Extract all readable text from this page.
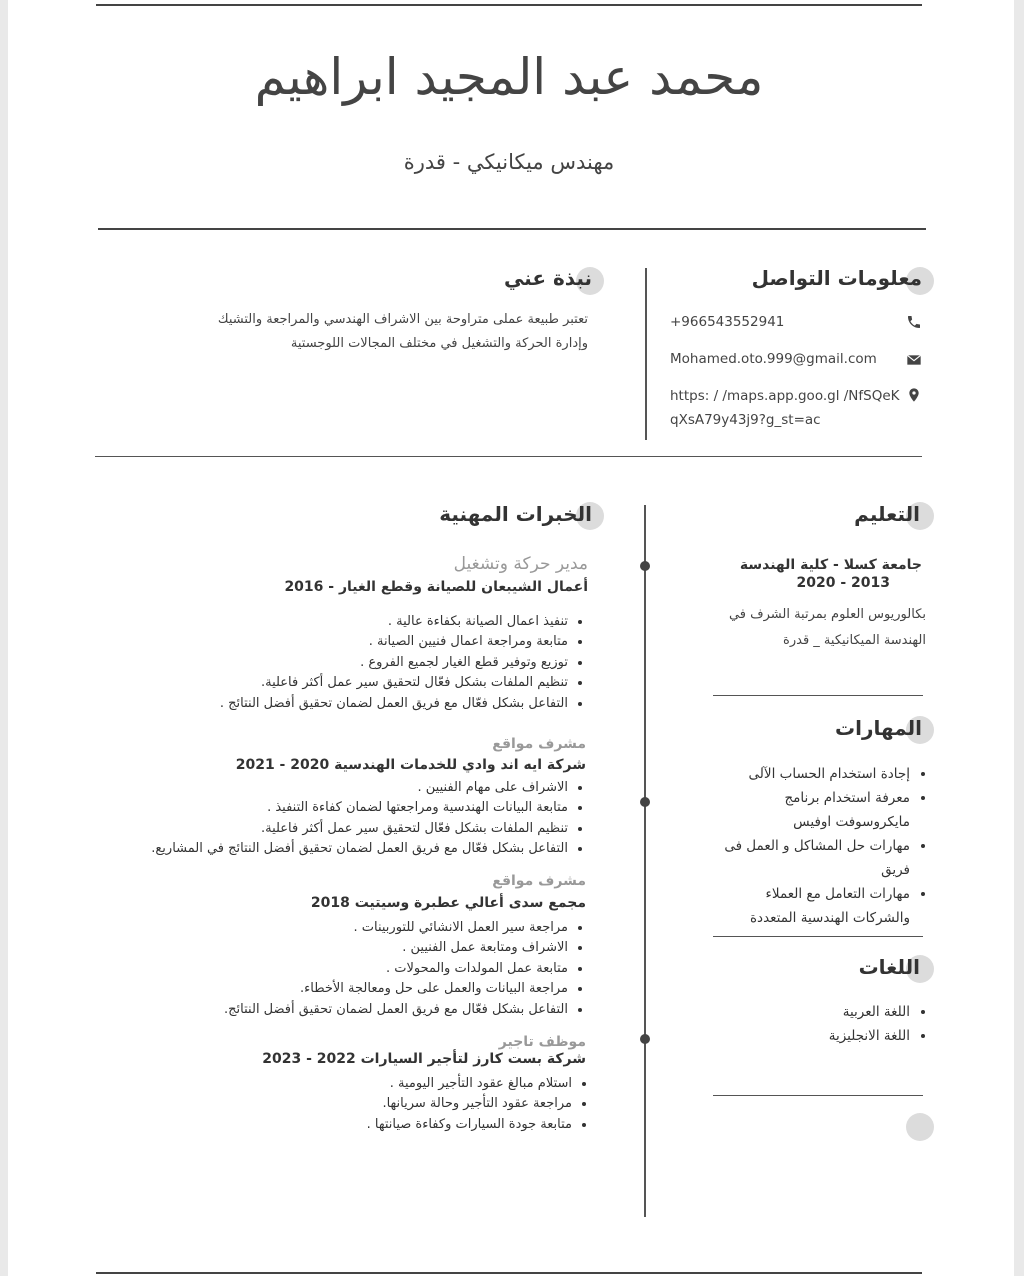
محمد عبد المجيد ابراهيم
مهندس ميكانيكي - قدرة
معلومات التواصل
+966543552941
Mohamed.oto.999@gmail.com
https: / /maps.app.goo.gl /NfSQeKqXsA79y43j9?g_st=ac
نبذة عني
تعتبر طبيعة عملى متراوحة بين الاشراف الهندسي والمراجعة والتشيك
وإدارة الحركة والتشغيل في مختلف المجالات اللوجستية
التعليم
جامعة كسلا - كلية الهندسة
2013 - 2020
بكالوريوس العلوم بمرتبة الشرف في
الهندسة الميكانيكية _ قدرة
المهارات
• إجادة استخدام الحساب الآلى
• معرفة استخدام برنامج مايكروسوفت اوفيس
• مهارات حل المشاكل و العمل فى فريق
• مهارات التعامل مع العملاء والشركات الهندسية المتعددة
اللغات
• اللغة العربية
• اللغة الانجليزية
الخبرات المهنية
مدير حركة وتشغيل
أعمال الشيبعان للصيانة وقطع الغيار - 2016
• تنفيذ اعمال الصيانة بكفاءة عالية .
• متابعة ومراجعة اعمال فنيين الصيانة .
• توزيع وتوفير قطع الغيار لجميع الفروع .
• تنظيم الملفات بشكل فعّال لتحقيق سير عمل أكثر فاعلية.
• التفاعل بشكل فعّال مع فريق العمل لضمان تحقيق أفضل النتائج .
مشرف مواقع
شركة ايه اند وادي للخدمات الهندسية 2020 - 2021
• الاشراف على مهام الفنيين .
• متابعة البيانات الهندسية ومراجعتها لضمان كفاءة التنفيذ .
• تنظيم الملفات بشكل فعّال لتحقيق سير عمل أكثر فاعلية.
• التفاعل بشكل فعّال مع فريق العمل لضمان تحقيق أفضل النتائج في المشاريع.
مشرف مواقع
مجمع سدى أعالي عطبرة وسيتيت 2018
• مراجعة سير العمل الانشائي للتوربينات .
• الاشراف ومتابعة عمل الفنيين .
• متابعة عمل المولدات والمحولات .
• مراجعة البيانات والعمل على حل ومعالجة الأخطاء.
• التفاعل بشكل فعّال مع فريق العمل لضمان تحقيق أفضل النتائج.
موظف تاجير
شركة بست كارز لتأجير السيارات 2022 - 2023
• استلام مبالغ عقود التأجير اليومية .
• مراجعة عقود التأجير وحالة سريانها.
• متابعة جودة السيارات وكفاءة صيانتها .
